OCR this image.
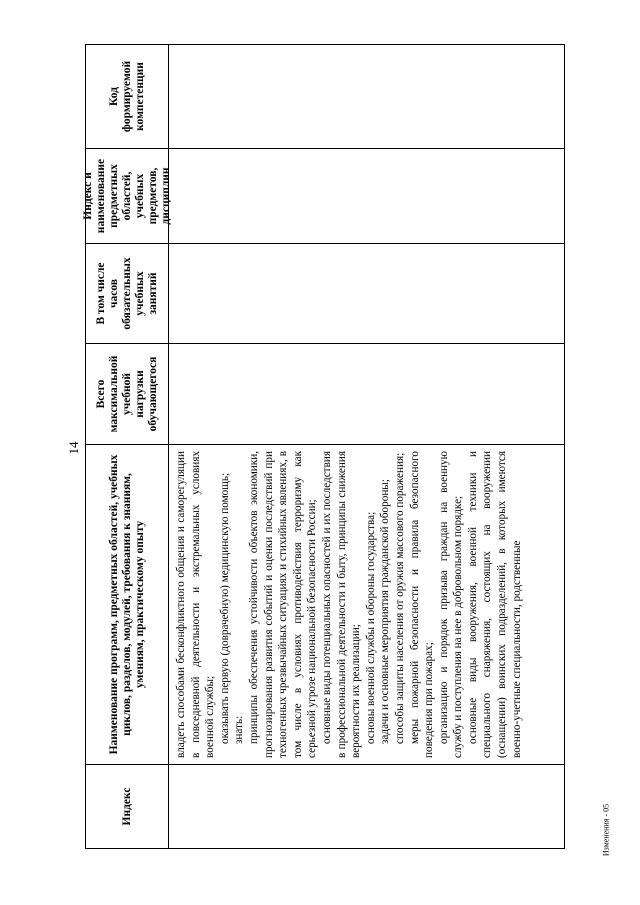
14
Изменения - 05
Индекс
Наименование программ, предметных областей, учебных циклов, разделов, модулей, требования к знаниям, умениям, практическому опыту
Всего максимальной учебной нагрузки обучающегося
В том числе часов обязательных учебных занятий
Индекс и наименование предметных областей, учебных предметов, дисциплин
Код формируемой компетенции

владеть способами бесконфликтного общения и саморегуляции в повседневной деятельности и экстремальных условиях военной службы; оказывать первую (доврачебную) медицинскую помощь; знать: принципы обеспечения устойчивости объектов экономики, прогнозирования развития событий и оценки последствий при техногенных чрезвычайных ситуациях и стихийных явлениях, в том числе в условиях противодействия терроризму как серьезной угрозе национальной безопасности России; основные виды потенциальных опасностей и их последствия в профессиональной деятельности и быту, принципы снижения вероятности их реализации; основы военной службы и обороны государства; задачи и основные мероприятия гражданской обороны; способы защиты населения от оружия массового поражения; меры пожарной безопасности и правила безопасного поведения при пожарах; организацию и порядок призыва граждан на военную службу и поступления на нее в добровольном порядке; основные виды вооружения, военной техники и специального снаряжения, состоящих на вооружении (оснащении) воинских подразделений, в которых имеются военно-учетные специальности, родственные
